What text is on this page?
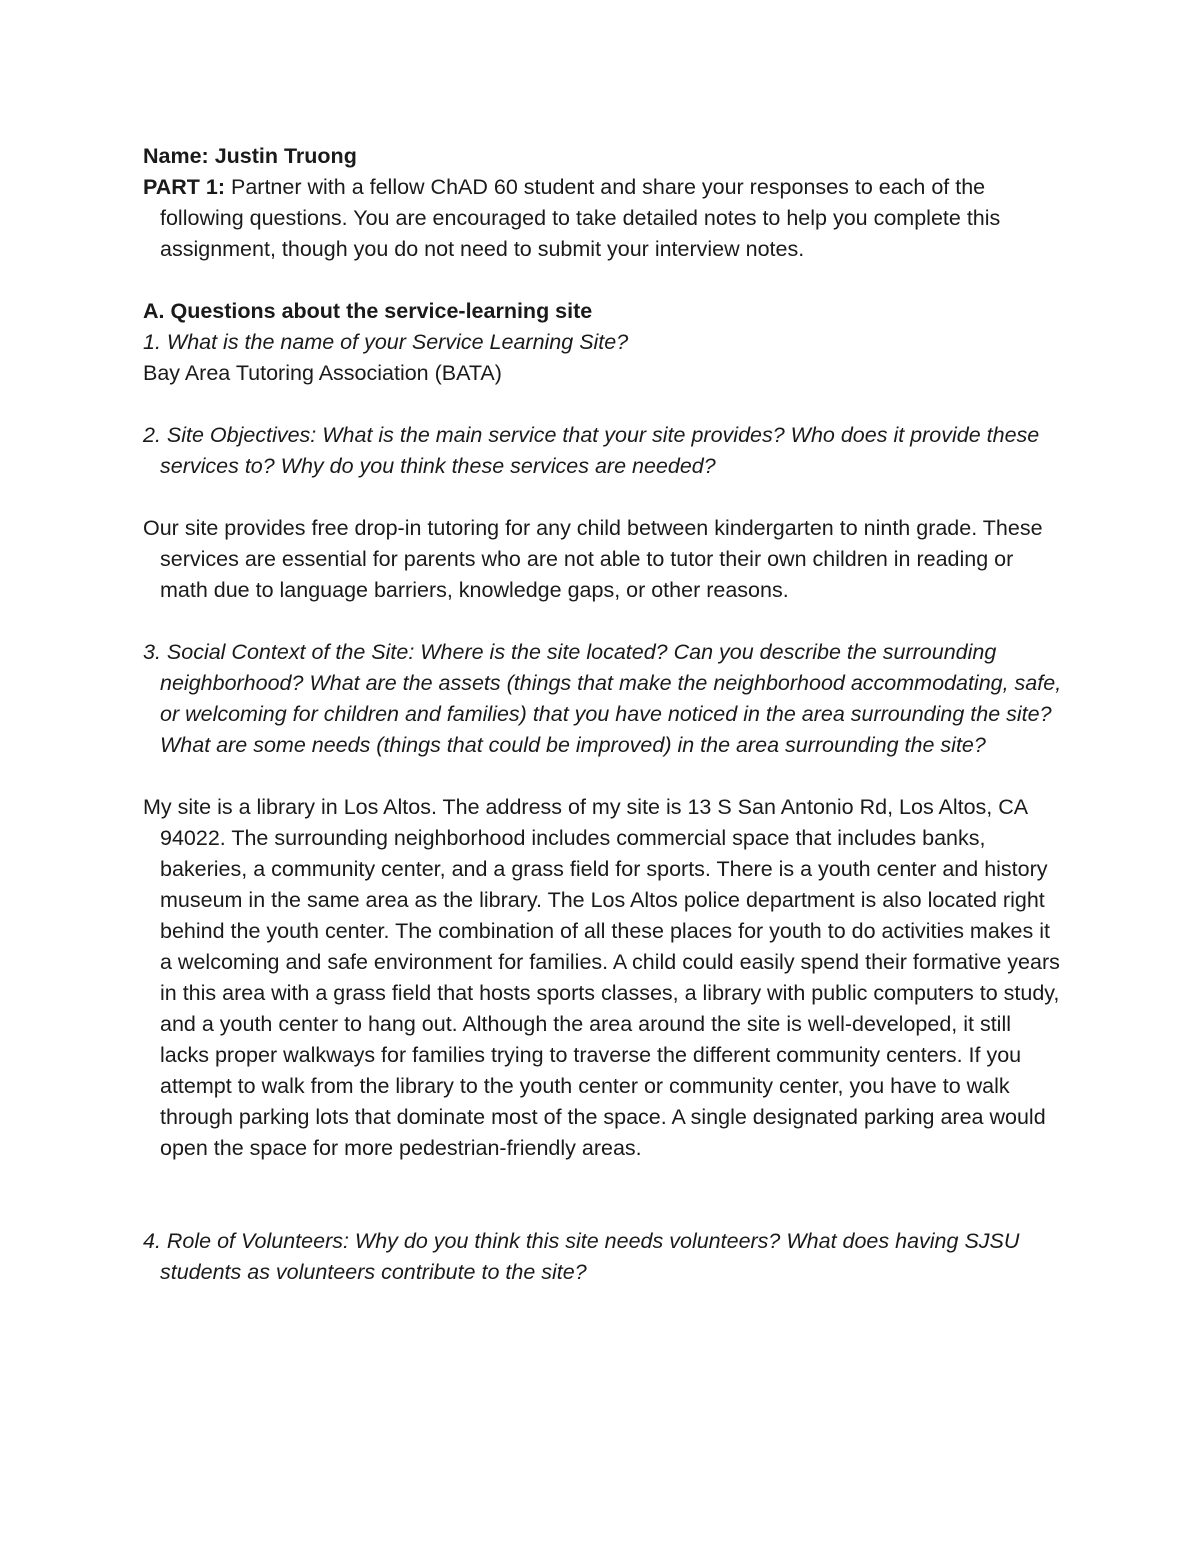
Name: Justin Truong

PART 1: Partner with a fellow ChAD 60 student and share your responses to each of the following questions. You are encouraged to take detailed notes to help you complete this assignment, though you do not need to submit your interview notes.

A. Questions about the service-learning site

1. What is the name of your Service Learning Site?

Bay Area Tutoring Association (BATA)

2. Site Objectives: What is the main service that your site provides? Who does it provide these services to? Why do you think these services are needed?

Our site provides free drop-in tutoring for any child between kindergarten to ninth grade. These services are essential for parents who are not able to tutor their own children in reading or math due to language barriers, knowledge gaps, or other reasons.

3. Social Context of the Site: Where is the site located? Can you describe the surrounding neighborhood? What are the assets (things that make the neighborhood accommodating, safe, or welcoming for children and families) that you have noticed in the area surrounding the site? What are some needs (things that could be improved) in the area surrounding the site?

My site is a library in Los Altos. The address of my site is 13 S San Antonio Rd, Los Altos, CA 94022. The surrounding neighborhood includes commercial space that includes banks, bakeries, a community center, and a grass field for sports. There is a youth center and history museum in the same area as the library. The Los Altos police department is also located right behind the youth center. The combination of all these places for youth to do activities makes it a welcoming and safe environment for families. A child could easily spend their formative years in this area with a grass field that hosts sports classes, a library with public computers to study, and a youth center to hang out. Although the area around the site is well-developed, it still lacks proper walkways for families trying to traverse the different community centers. If you attempt to walk from the library to the youth center or community center, you have to walk through parking lots that dominate most of the space. A single designated parking area would open the space for more pedestrian-friendly areas.

4. Role of Volunteers: Why do you think this site needs volunteers? What does having SJSU students as volunteers contribute to the site?
